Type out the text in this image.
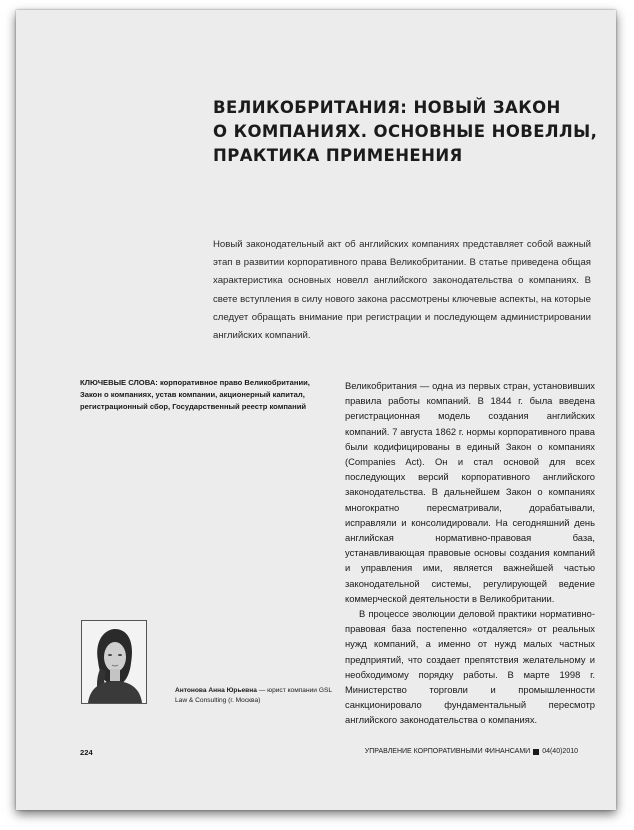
ВЕЛИКОБРИТАНИЯ: НОВЫЙ ЗАКОН
О КОМПАНИЯХ. ОСНОВНЫЕ НОВЕЛЛЫ,
ПРАКТИКА ПРИМЕНЕНИЯ

Новый законодательный акт об английских компаниях представляет собой важный этап в развитии корпоративного права Великобритании. В статье приведена общая характеристика основных новелл английского законодательства о компаниях. В свете вступления в силу нового закона рассмотрены ключевые аспекты, на которые следует обращать внимание при регистрации и последующем администрировании английских компаний.

КЛЮЧЕВЫЕ СЛОВА: корпоративное право Великобритании, Закон о компаниях, устав компании, акционерный капитал, регистрационный сбор, Государственный реестр компаний

Великобритания — одна из первых стран, установивших правила работы компаний. В 1844 г. была введена регистрационная модель создания английских компаний. 7 августа 1862 г. нормы корпоративного права были кодифицированы в единый Закон о компаниях (Companies Act). Он и стал основой для всех последующих версий корпоративного английского законодательства. В дальнейшем Закон о компаниях многократно пересматривали, дорабатывали, исправляли и консолидировали. На сегодняшний день английская нормативно-правовая база, устанавливающая правовые основы создания компаний и управления ими, является важнейшей частью законодательной системы, регулирующей ведение коммерческой деятельности в Великобритании.

В процессе эволюции деловой практики нормативно-правовая база постепенно «отдаляется» от реальных нужд компаний, а именно от нужд малых частных предприятий, что создает препятствия желательному и необходимому порядку работы. В марте 1998 г. Министерство торговли и промышленности санкционировало фундаментальный пересмотр английского законодательства о компаниях.

Антонова Анна Юрьевна — юрист компании GSL Law & Consulting (г. Москва)

224	УПРАВЛЕНИЕ КОРПОРАТИВНЫМИ ФИНАНСАМИ 04(40)2010
